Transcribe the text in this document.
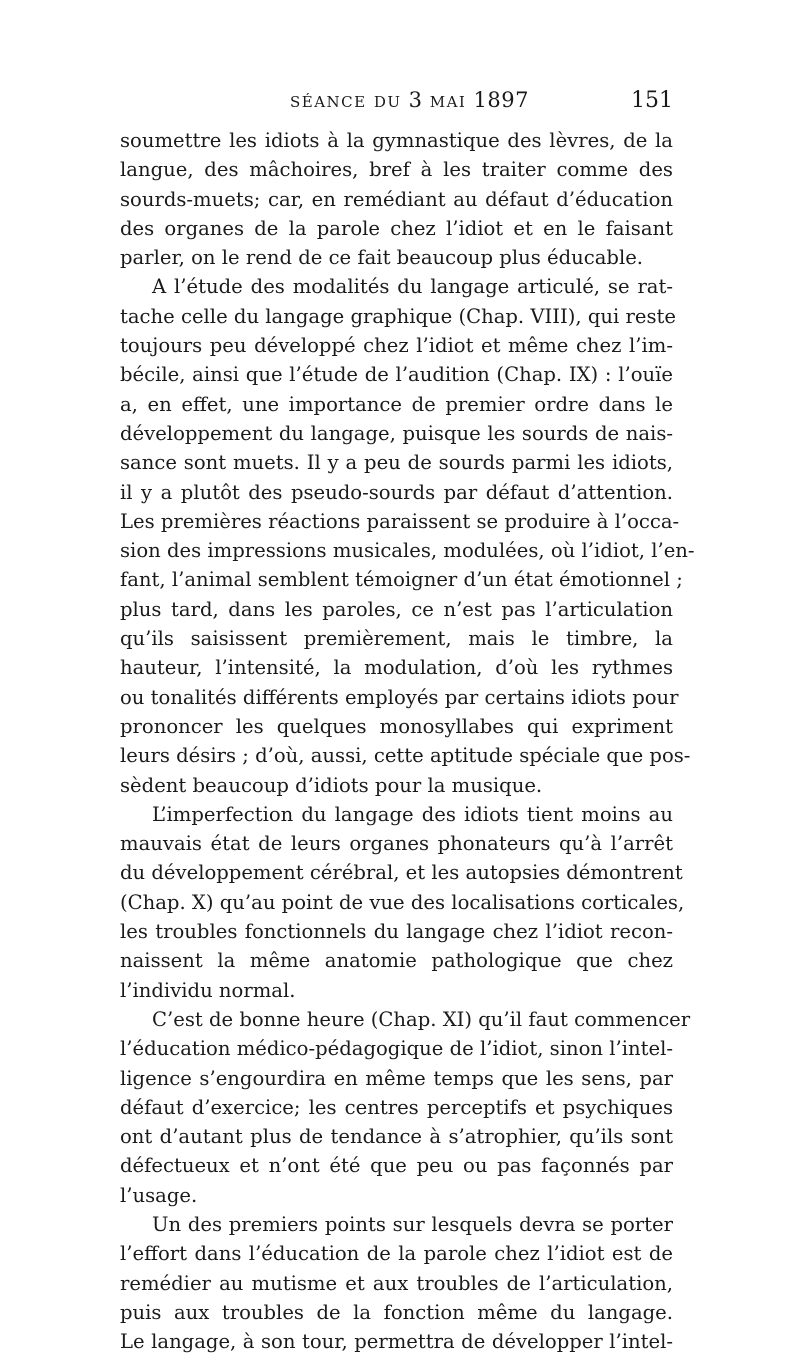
SÉANCE DU 3 MAI 1897	151
soumettre les idiots à la gymnastique des lèvres, de la
langue, des mâchoires, bref à les traiter comme des
sourds-muets; car, en remédiant au défaut d’éducation
des organes de la parole chez l’idiot et en le faisant
parler, on le rend de ce fait beaucoup plus éducable.
A l’étude des modalités du langage articulé, se rat-
tache celle du langage graphique (Chap. VIII), qui reste
toujours peu développé chez l’idiot et même chez l’im-
bécile, ainsi que l’étude de l’audition (Chap. IX) : l’ouïe
a, en effet, une importance de premier ordre dans le
développement du langage, puisque les sourds de nais-
sance sont muets. Il y a peu de sourds parmi les idiots,
il y a plutôt des pseudo-sourds par défaut d’attention.
Les premières réactions paraissent se produire à l’occa-
sion des impressions musicales, modulées, où l’idiot, l’en-
fant, l’animal semblent témoigner d’un état émotionnel ;
plus tard, dans les paroles, ce n’est pas l’articulation
qu’ils saisissent premièrement, mais le timbre, la
hauteur, l’intensité, la modulation, d’où les rythmes
ou tonalités différents employés par certains idiots pour
prononcer les quelques monosyllabes qui expriment
leurs désirs ; d’où, aussi, cette aptitude spéciale que pos-
sèdent beaucoup d’idiots pour la musique.
L’imperfection du langage des idiots tient moins au
mauvais état de leurs organes phonateurs qu’à l’arrêt
du développement cérébral, et les autopsies démontrent
(Chap. X) qu’au point de vue des localisations corticales,
les troubles fonctionnels du langage chez l’idiot recon-
naissent la même anatomie pathologique que chez
l’individu normal.
C’est de bonne heure (Chap. XI) qu’il faut commencer
l’éducation médico-pédagogique de l’idiot, sinon l’intel-
ligence s’engourdira en même temps que les sens, par
défaut d’exercice; les centres perceptifs et psychiques
ont d’autant plus de tendance à s’atrophier, qu’ils sont
défectueux et n’ont été que peu ou pas façonnés par
l’usage.
Un des premiers points sur lesquels devra se porter
l’effort dans l’éducation de la parole chez l’idiot est de
remédier au mutisme et aux troubles de l’articulation,
puis aux troubles de la fonction même du langage.
Le langage, à son tour, permettra de développer l’intel-
